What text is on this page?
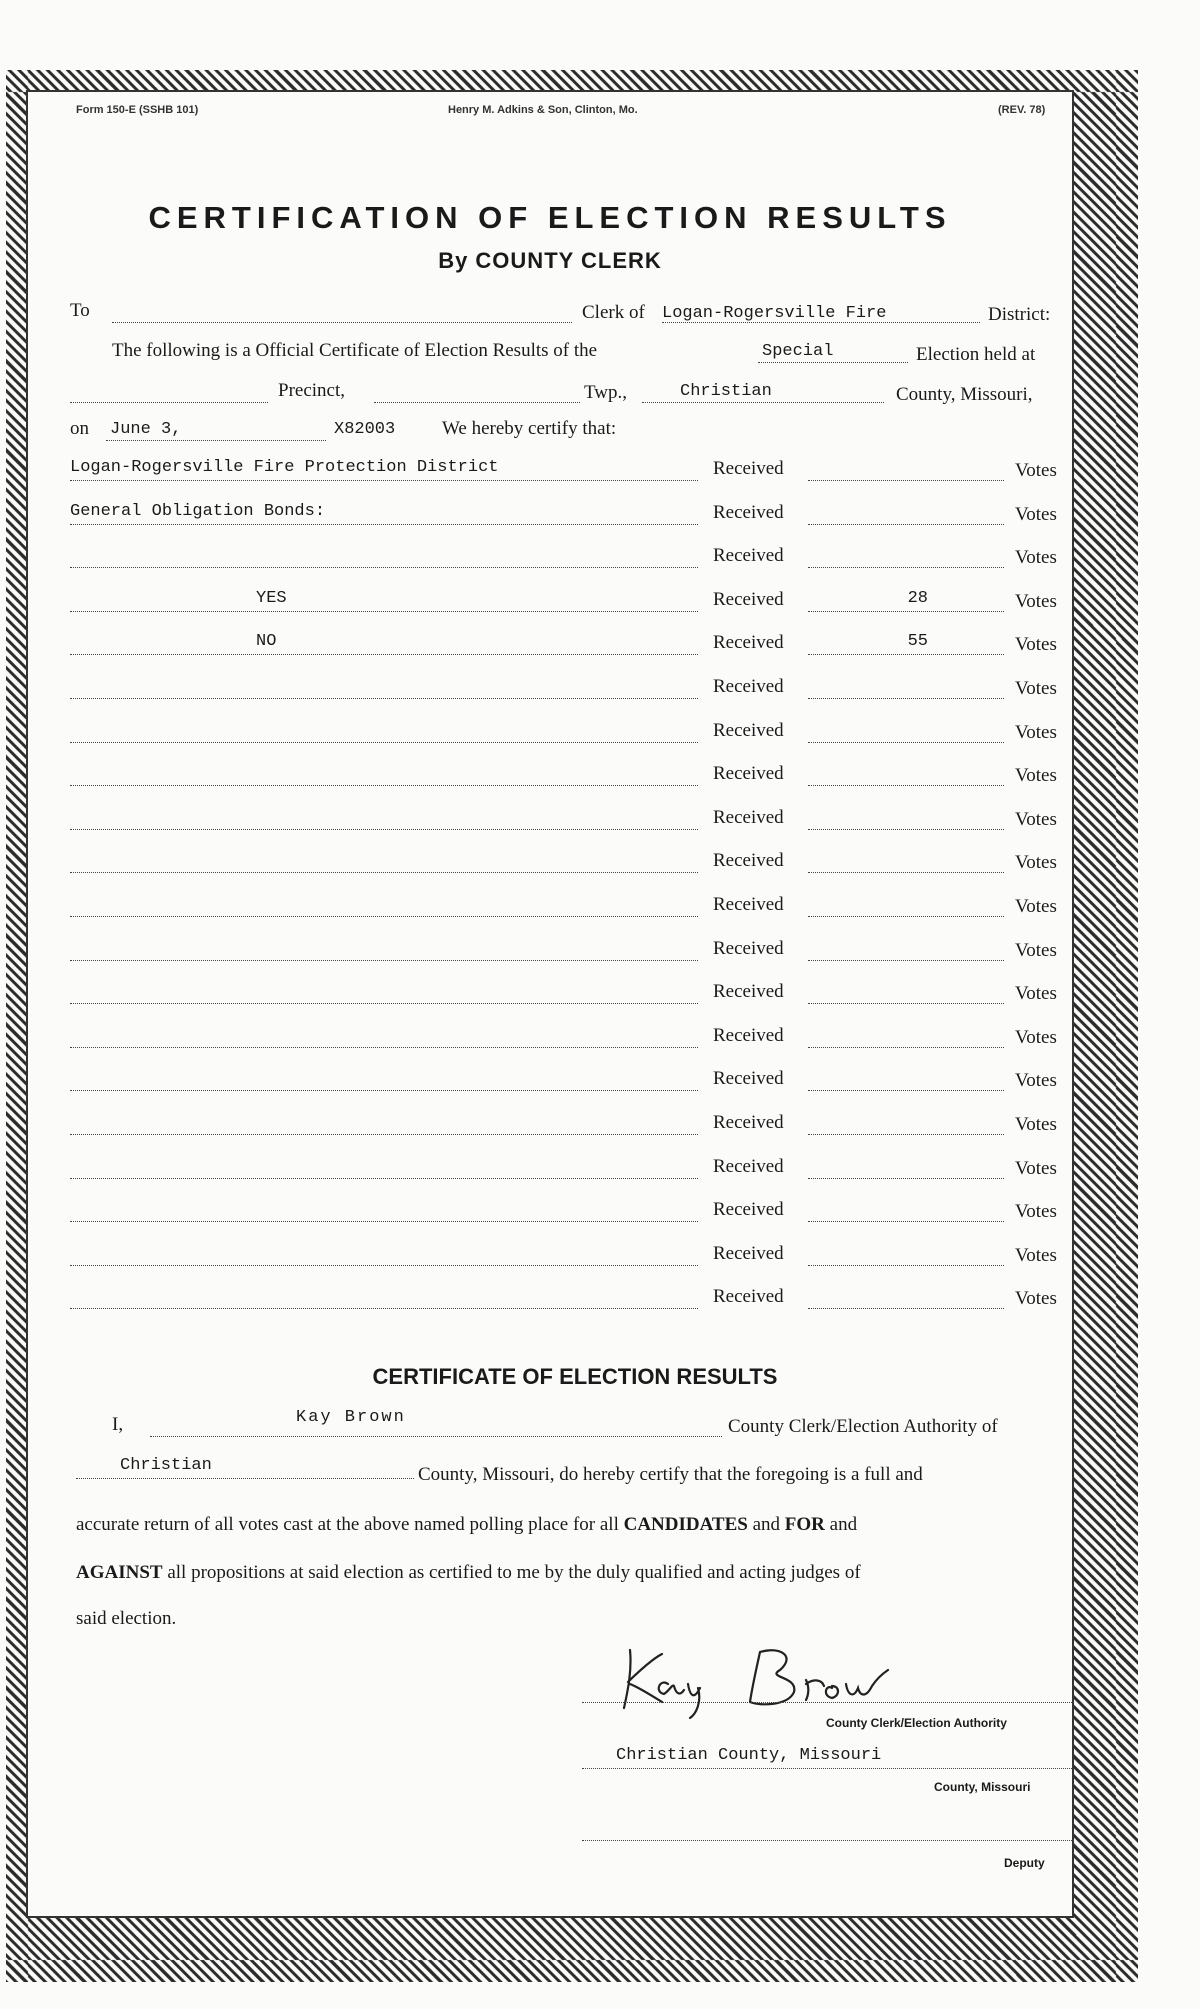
Form 150-E (SSHB 101)	Henry M. Adkins & Son, Clinton, Mo.	(REV. 78)
CERTIFICATION OF ELECTION RESULTS
By COUNTY CLERK
To	Clerk of Logan-Rogersville Fire	District:
The following is a Official Certificate of Election Results of the	Special	Election held at
Precinct,	Twp.,	Christian	County, Missouri,
on June 3,	X82003 We hereby certify that:
Logan-Rogersville Fire Protection District	Received	Votes
General Obligation Bonds:	Received	Votes
Received	Votes
YES	Received	28	Votes
NO	Received	55	Votes
Received	Votes
Received	Votes
Received	Votes
Received	Votes
Received	Votes
Received	Votes
Received	Votes
Received	Votes
Received	Votes
Received	Votes
Received	Votes
Received	Votes
Received	Votes
Received	Votes
Received	Votes
CERTIFICATE OF ELECTION RESULTS
I,	Kay Brown	County Clerk/Election Authority of
Christian	County, Missouri, do hereby certify that the foregoing is a full and
accurate return of all votes cast at the above named polling place for all CANDIDATES and FOR and
AGAINST all propositions at said election as certified to me by the duly qualified and acting judges of
said election.
County Clerk/Election Authority
Christian County, Missouri
County, Missouri
Deputy
